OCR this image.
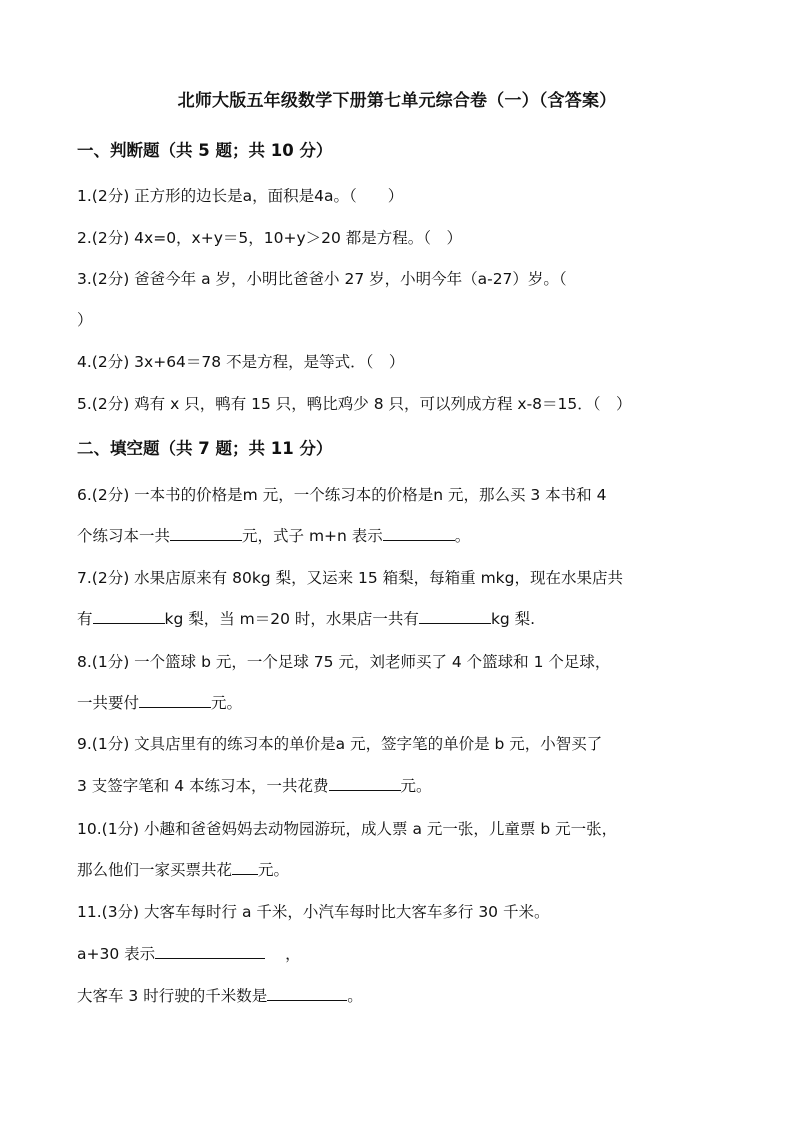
北师大版五年级数学下册第七单元综合卷（一）（含答案）
一、判断题（共 5 题；共 10 分）
1.(2分) 正方形的边长是a，面积是4a。（　　）
2.(2分) 4x=0，x+y＝5，10+y＞20 都是方程。（　）
3.(2分) 爸爸今年 a 岁，小明比爸爸小 27 岁，小明今年（a-27）岁。（
）
4.(2分) 3x+64＝78 不是方程，是等式．（　）
5.(2分) 鸡有 x 只，鸭有 15 只，鸭比鸡少 8 只，可以列成方程 x-8＝15．（　）
二、填空题（共 7 题；共 11 分）
6.(2分) 一本书的价格是m 元，一个练习本的价格是n 元，那么买 3 本书和 4
个练习本一共	元，式子 m+n 表示	。
7.(2分) 水果店原来有 80kg 梨，又运来 15 箱梨，每箱重 mkg，现在水果店共
有	kg 梨，当 m＝20 时，水果店一共有	kg 梨.
8.(1分) 一个篮球 b 元，一个足球 75 元，刘老师买了 4 个篮球和 1 个足球，
一共要付	元。
9.(1分) 文具店里有的练习本的单价是a 元，签字笔的单价是 b 元，小智买了
3 支签字笔和 4 本练习本，一共花费	元。
10.(1分) 小趣和爸爸妈妈去动物园游玩，成人票 a 元一张，儿童票 b 元一张，
那么他们一家买票共花 元。
11.(3分) 大客车每时行 a 千米，小汽车每时比大客车多行 30 千米。
a+30 表示	，
大客车 3 时行驶的千米数是	。
